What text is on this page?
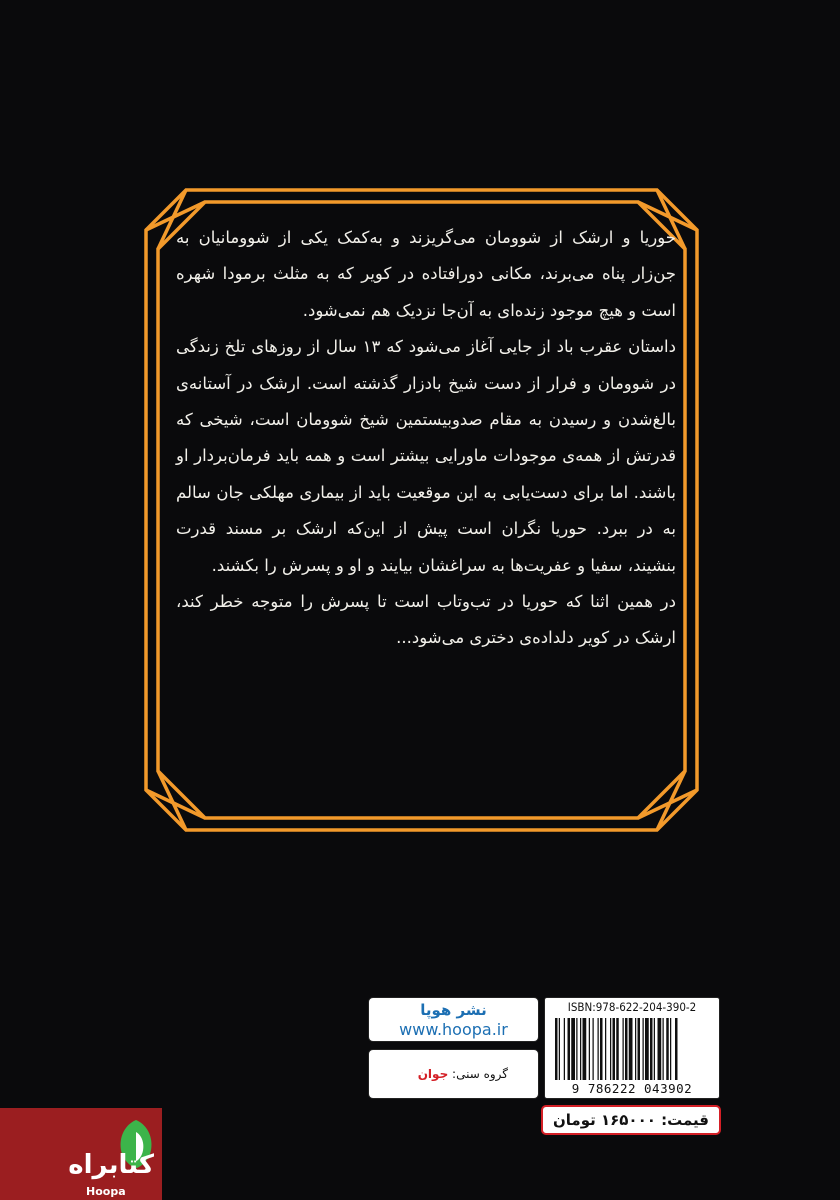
حوریا و ارشک از شوومان می‌گریزند و به‌کمک یکی از شوومانیان به جن‌زار پناه می‌برند، مکانی دورافتاده در کویر که به مثلث برمودا شهره است و هیچ موجود زنده‌ای به آن‌جا نزدیک هم نمی‌شود.

داستان عقرب باد از جایی آغاز می‌شود که ۱۳ سال از روزهای تلخ زندگی در شوومان و فرار از دست شیخ بادزار گذشته است. ارشک در آستانه‌ی بالغ‌شدن و رسیدن به مقام صدوبیستمین شیخ شوومان است، شیخی که قدرتش از همه‌ی موجودات ماورایی بیشتر است و همه باید فرمان‌بردار او باشند. اما برای دست‌یابی به این موقعیت باید از بیماری مهلکی جان سالم به در ببرد. حوریا نگران است پیش از این‌که ارشک بر مسند قدرت بنشیند، سفیا و عفریت‌ها به سراغشان بیایند و او و پسرش را بکشند.

در همین اثنا که حوریا در تب‌وتاب است تا پسرش را متوجه خطر کند، ارشک در کویر دلداده‌ی دختری می‌شود...

نشر هوپا
www.hoopa.ir
گروه سنی: جوان
ISBN:978-622-204-390-2
9 786222 043902
قیمت: ۱۶۵۰۰۰ تومان
کتابراه
Hoopa
